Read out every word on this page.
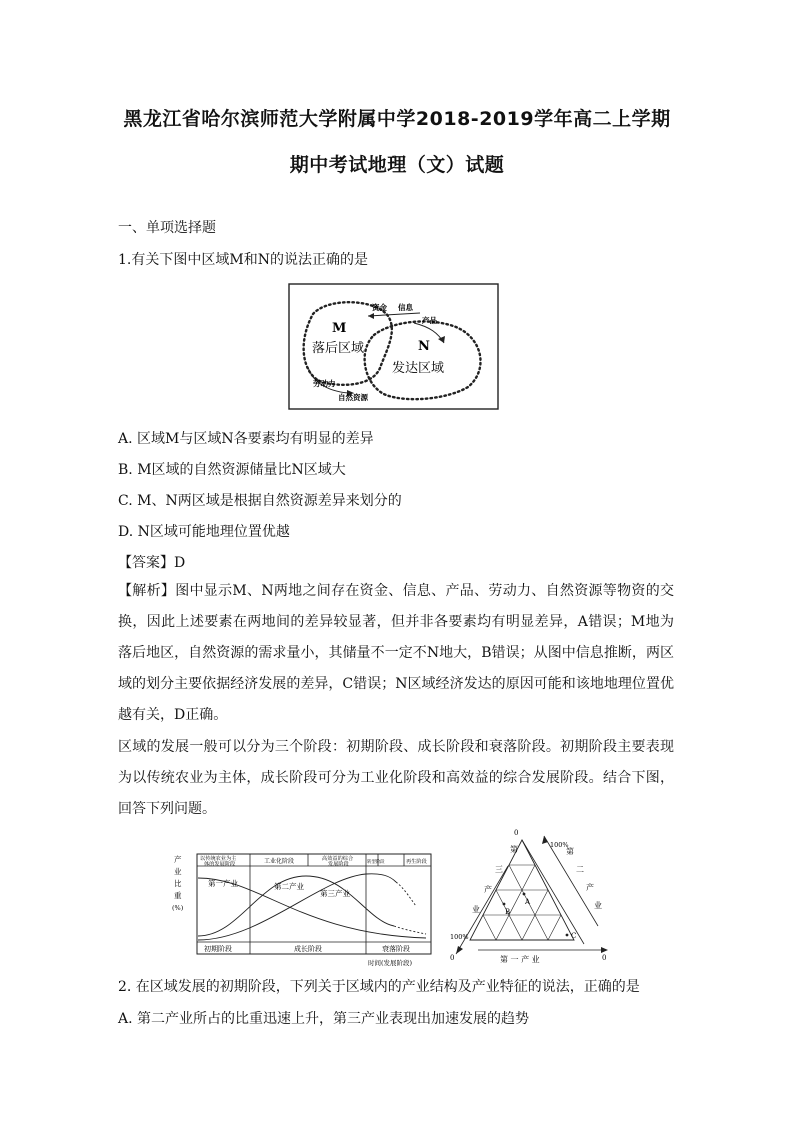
黑龙江省哈尔滨师范大学附属中学2018-2019学年高二上学期
期中考试地理（文）试题
一、单项选择题
1.有关下图中区域M和N的说法正确的是
M
落后区域	N
发达区域
资金 信息
产品
劳动力
自然资源
A. 区域M与区域N各要素均有明显的差异
B. M区域的自然资源储量比N区域大
C. M、N两区域是根据自然资源差异来划分的
D. N区域可能地理位置优越
【答案】D
【解析】图中显示M、N两地之间存在资金、信息、产品、劳动力、自然资源等物资的交换，因此上述要素在两地间的差异较显著，但并非各要素均有明显差异，A错误；M地为落后地区，自然资源的需求量小，其储量不一定不N地大，B错误；从图中信息推断，两区域的划分主要依据经济发展的差异，C错误；N区域经济发达的原因可能和该地地理位置优越有关，D正确。
区域的发展一般可以分为三个阶段：初期阶段、成长阶段和衰落阶段。初期阶段主要表现为以传统农业为主体，成长阶段可分为工业化阶段和高效益的综合发展阶段。结合下图，回答下列问题。
产
业
比
重
(%)
以传统农业为主
体的发展阶段	工业化阶段	高效益的综合
发展阶段	转型阶段	再生阶段
第一产业	第二产业
第三产业
初期阶段	成长阶段	衰落阶段
时间(发展阶段)
0
100%
100%
0	0
第
三
产
业
第
二
产
业
第 一 产 业
A
B
C
2. 在区域发展的初期阶段，下列关于区域内的产业结构及产业特征的说法，正确的是
A. 第二产业所占的比重迅速上升，第三产业表现出加速发展的趋势
